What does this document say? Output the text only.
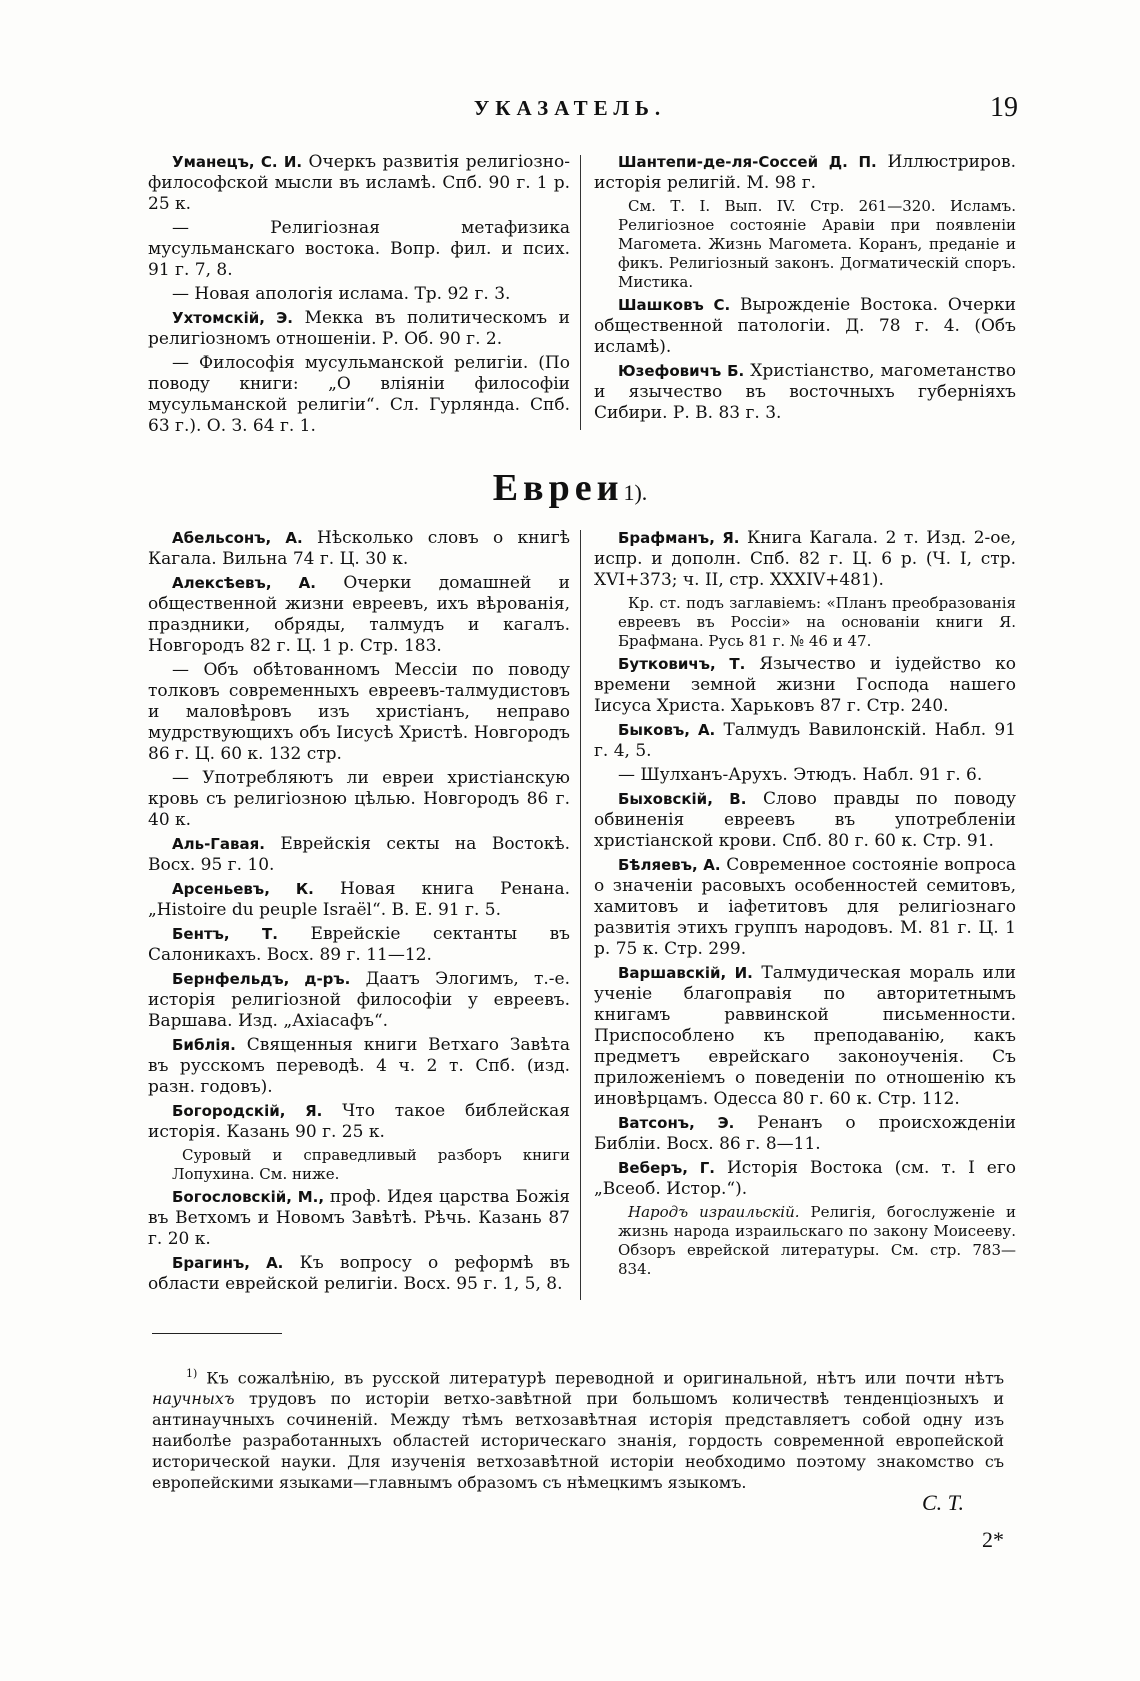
УКАЗАТЕЛЬ.	19

Уманецъ, С. И. Очеркъ развитія религіозно-философской мысли въ исламѣ. Спб. 90 г. 1 р. 25 к.

— Религіозная метафизика мусульманскаго востока. Вопр. фил. и псих. 91 г. 7, 8.

— Новая апологія ислама. Тр. 92 г. 3.

Ухтомскій, Э. Мекка въ политическомъ и религіозномъ отношеніи. Р. Об. 90 г. 2.

— Философія мусульманской религіи. (По поводу книги: „О вліяніи философіи мусульманской религіи“. Сл. Гурлянда. Спб. 63 г.). О. З. 64 г. 1.

Шантепи-де-ля-Соссей Д. П. Иллюстриров. исторія религій. М. 98 г.

См. Т. І. Вып. IV. Стр. 261—320. Исламъ. Религіозное состояніе Аравіи при появленіи Магомета. Жизнь Магомета. Коранъ, преданіе и фикъ. Религіозный законъ. Догматическій споръ. Мистика.

Шашковъ С. Вырожденіе Востока. Очерки общественной патологіи. Д. 78 г. 4. (Объ исламѣ).

Юзефовичъ Б. Христіанство, магометанство и язычество въ восточныхъ губерніяхъ Сибири. Р. В. 83 г. 3.

Евреи1).

Абельсонъ, А. Нѣсколько словъ о книгѣ Кагала. Вильна 74 г. Ц. 30 к.

Алексѣевъ, А. Очерки домашней и общественной жизни евреевъ, ихъ вѣрованія, праздники, обряды, талмудъ и кагалъ. Новгородъ 82 г. Ц. 1 р. Стр. 183.

— Объ обѣтованномъ Мессіи по поводу толковъ современныхъ евреевъ-талмудистовъ и маловѣровъ изъ христіанъ, неправо мудрствующихъ объ Іисусѣ Христѣ. Новгородъ 86 г. Ц. 60 к. 132 стр.

— Употребляютъ ли евреи христіанскую кровь съ религіозною цѣлью. Новгородъ 86 г. 40 к.

Аль-Гавая. Еврейскія секты на Востокѣ. Восх. 95 г. 10.

Арсеньевъ, К. Новая книга Ренана. „Histoire du peuple Israël“. В. Е. 91 г. 5.

Бентъ, Т. Еврейскіе сектанты въ Салоникахъ. Восх. 89 г. 11—12.

Бернфельдъ, д-ръ. Даатъ Элогимъ, т.-е. исторія религіозной философіи у евреевъ. Варшава. Изд. „Ахіасафъ“.

Библія. Священныя книги Ветхаго Завѣта въ русскомъ переводѣ. 4 ч. 2 т. Спб. (изд. разн. годовъ).

Богородскій, Я. Что такое библейская исторія. Казань 90 г. 25 к.

Суровый и справедливый разборъ книги Лопухина. См. ниже.

Богословскій, М., проф. Идея царства Божія въ Ветхомъ и Новомъ Завѣтѣ. Рѣчь. Казань 87 г. 20 к.

Брагинъ, А. Къ вопросу о реформѣ въ области еврейской религіи. Восх. 95 г. 1, 5, 8.

Брафманъ, Я. Книга Кагала. 2 т. Изд. 2-ое, испр. и дополн. Спб. 82 г. Ц. 6 р. (Ч. I, стр. XVI+373; ч. II, стр. XXXIV+481).

Кр. ст. подъ заглавіемъ: «Планъ преобразованія евреевъ въ Россіи» на основаніи книги Я. Брафмана. Русь 81 г. № 46 и 47.

Бутковичъ, Т. Язычество и іудейство ко времени земной жизни Господа нашего Іисуса Христа. Харьковъ 87 г. Стр. 240.

Быковъ, А. Талмудъ Вавилонскій. Набл. 91 г. 4, 5.

— Шулханъ-Арухъ. Этюдъ. Набл. 91 г. 6.

Быховскій, В. Слово правды по поводу обвиненія евреевъ въ употребленіи христіанской крови. Спб. 80 г. 60 к. Стр. 91.

Бѣляевъ, А. Современное состояніе вопроса о значеніи расовыхъ особенностей семитовъ, хамитовъ и іафетитовъ для религіознаго развитія этихъ группъ народовъ. М. 81 г. Ц. 1 р. 75 к. Стр. 299.

Варшавскій, И. Талмудическая мораль или ученіе благоправія по авторитетнымъ книгамъ раввинской письменности. Приспособлено къ преподаванію, какъ предметъ еврейскаго законоученія. Съ приложеніемъ о поведеніи по отношенію къ иновѣрцамъ. Одесса 80 г. 60 к. Стр. 112.

Ватсонъ, Э. Ренанъ о происхожденіи Библіи. Восх. 86 г. 8—11.

Веберъ, Г. Исторія Востока (см. т. I его „Всеоб. Истор.“).

Народъ израильскій. Религія, богослуженіе и жизнь народа израильскаго по закону Моисееву. Обзоръ еврейской литературы. См. стр. 783—834.

$^{1)}$ Къ сожалѣнію, въ русской литературѣ переводной и оригинальной, нѣтъ или почти нѣтъ научныхъ трудовъ по исторіи ветхо-завѣтной при большомъ количествѣ тенденціозныхъ и антинаучныхъ сочиненій. Между тѣмъ ветхозавѣтная исторія представляетъ собой одну изъ наиболѣе разработанныхъ областей историческаго знанія, гордость современной европейской исторической науки. Для изученія ветхозавѣтной исторіи необходимо поэтому знакомство съ европейскими языками—главнымъ образомъ съ нѣмецкимъ языкомъ.

С. Т.
2*
